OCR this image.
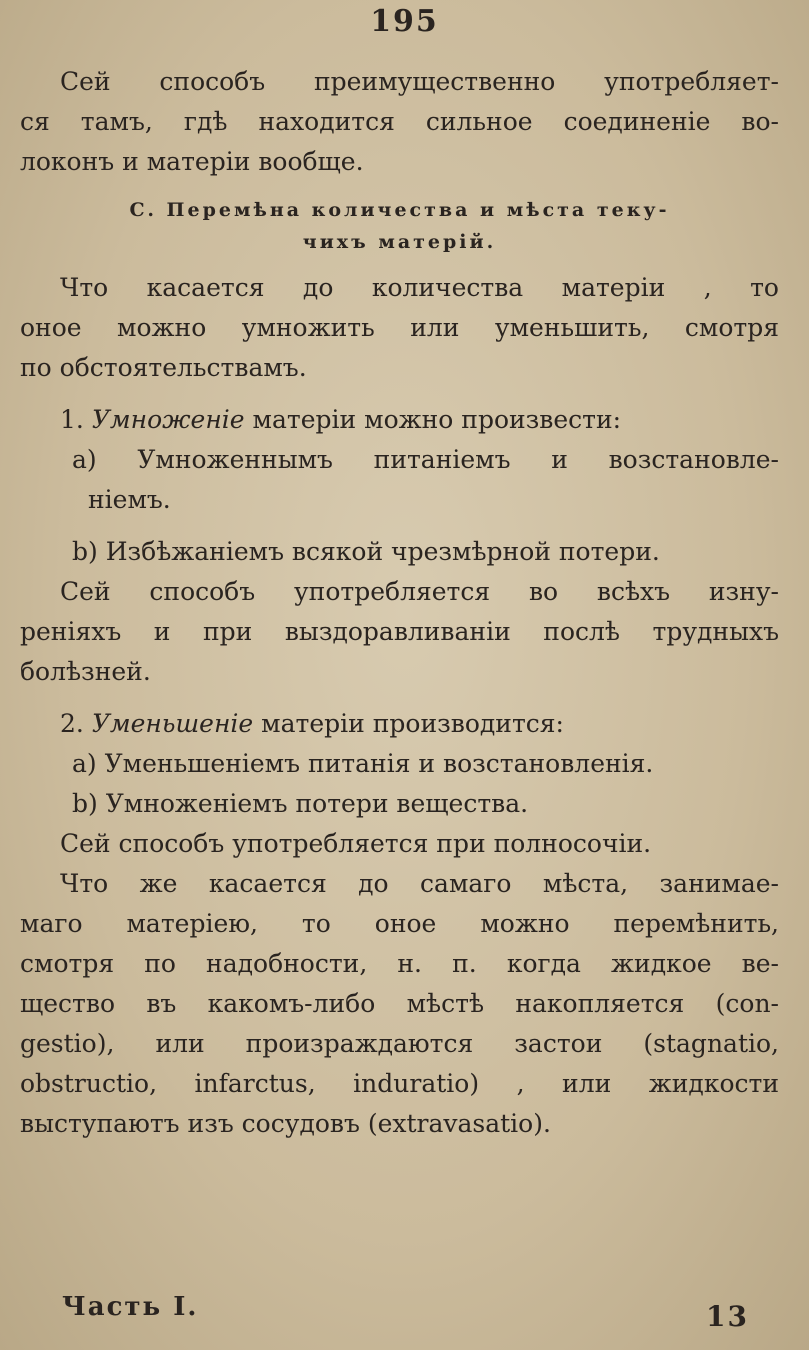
195

Сей способъ преимущественно употребляет-

ся тамъ, гдѣ находится сильное соединеніе во-

локонъ и матеріи вообще.

C. Перемѣна количества и мѣста теку-
чихъ матерій.

Что касается до количества матеріи , то

оное можно умножить или уменьшить, смотря

по обстоятельствамъ.

1. Умноженіе матеріи можно произвести:

a) Умноженнымъ питаніемъ и возстановле-

ніемъ.

b) Избѣжаніемъ всякой чрезмѣрной потери.

Сей способъ употребляется во всѣхъ изну-

реніяхъ и при выздоравливаніи послѣ трудныхъ

болѣзней.

2. Уменьшеніе матеріи производится:

a) Уменьшеніемъ питанія и возстановленія.

b) Умноженіемъ потери вещества.

Сей способъ употребляется при полносочіи.

Что же касается до самаго мѣста, занимае-

маго матеріею, то оное можно перемѣнить,

смотря по надобности, н. п. когда жидкое ве-

щество въ какомъ-либо мѣстѣ накопляется (con-

gestio), или произраждаются застои (stagnatio,

obstructio, infarctus, induratio) , или жидкости

выступаютъ изъ сосудовъ (extravasatio).

Часть I.	13
